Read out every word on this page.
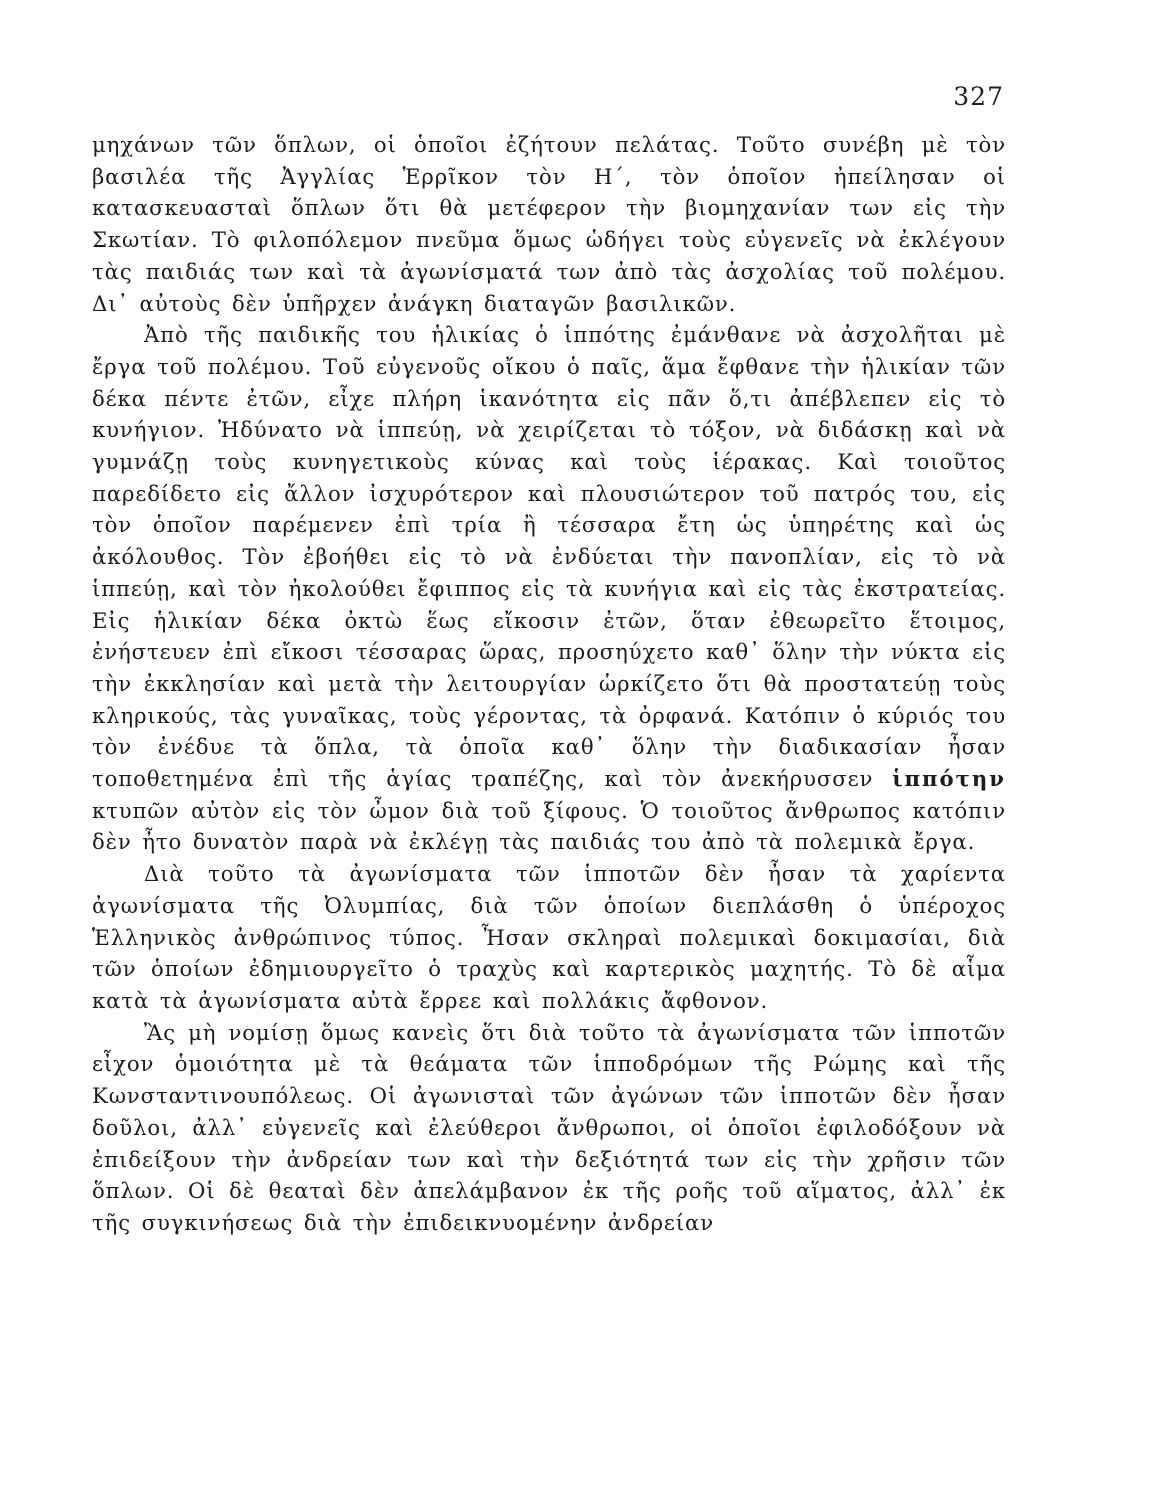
327

μηχάνων τῶν ὅπλων, οἱ ὁποῖοι ἐζήτουν πελάτας. Τοῦτο συνέβη μὲ τὸν βασιλέα τῆς Ἀγγλίας Ἑρρῖκον τὸν Η΄, τὸν ὁποῖον ἠπείλησαν οἱ κατασκευασταὶ ὅπλων ὅτι θὰ μετέφερον τὴν βιομηχανίαν των εἰς τὴν Σκωτίαν. Τὸ φιλοπόλεμον πνεῦμα ὅμως ὡδήγει τοὺς εὐγενεῖς νὰ ἐκλέγουν τὰς παιδιάς των καὶ τὰ ἀγωνίσματά των ἀπὸ τὰς ἀσχολίας τοῦ πολέμου. Δι᾽ αὐτοὺς δὲν ὑπῆρχεν ἀνάγκη διαταγῶν βασιλικῶν.

Ἀπὸ τῆς παιδικῆς του ἡλικίας ὁ ἱππότης ἐμάνθανε νὰ ἀσχολῆται μὲ ἔργα τοῦ πολέμου. Τοῦ εὐγενοῦς οἴκου ὁ παῖς, ἅμα ἔφθανε τὴν ἡλικίαν τῶν δέκα πέντε ἐτῶν, εἶχε πλήρη ἱκανότητα εἰς πᾶν ὅ,τι ἀπέβλεπεν εἰς τὸ κυνήγιον. Ἠδύνατο νὰ ἱππεύῃ, νὰ χειρίζεται τὸ τόξον, νὰ διδάσκῃ καὶ νὰ γυμνάζῃ τοὺς κυνηγετικοὺς κύνας καὶ τοὺς ἱέρακας. Καὶ τοιοῦτος παρεδίδετο εἰς ἄλλον ἰσχυρότερον καὶ πλουσιώτερον τοῦ πατρός του, εἰς τὸν ὁποῖον παρέμενεν ἐπὶ τρία ἢ τέσσαρα ἔτη ὡς ὑπηρέτης καὶ ὡς ἀκόλουθος. Τὸν ἐβοήθει εἰς τὸ νὰ ἐνδύεται τὴν πανοπλίαν, εἰς τὸ νὰ ἱππεύῃ, καὶ τὸν ἠκολούθει ἔφιππος εἰς τὰ κυνήγια καὶ εἰς τὰς ἐκστρατείας. Εἰς ἡλικίαν δέκα ὀκτὼ ἕως εἴκοσιν ἐτῶν, ὅταν ἐθεωρεῖτο ἕτοιμος, ἐνήστευεν ἐπὶ εἴκοσι τέσσαρας ὥρας, προσηύχετο καθ᾽ ὅλην τὴν νύκτα εἰς τὴν ἐκκλησίαν καὶ μετὰ τὴν λειτουργίαν ὡρκίζετο ὅτι θὰ προστατεύῃ τοὺς κληρικούς, τὰς γυναῖκας, τοὺς γέροντας, τὰ ὀρφανά. Κατόπιν ὁ κύριός του τὸν ἐνέδυε τὰ ὅπλα, τὰ ὁποῖα καθ᾽ ὅλην τὴν διαδικασίαν ἦσαν τοποθετημένα ἐπὶ τῆς ἁγίας τραπέζης, καὶ τὸν ἀνεκήρυσσεν ἱππότην κτυπῶν αὐτὸν εἰς τὸν ὦμον διὰ τοῦ ξίφους. Ὁ τοιοῦτος ἄνθρωπος κατόπιν δὲν ἦτο δυνατὸν παρὰ νὰ ἐκλέγῃ τὰς παιδιάς του ἀπὸ τὰ πολεμικὰ ἔργα.

Διὰ τοῦτο τὰ ἀγωνίσματα τῶν ἱπποτῶν δὲν ἦσαν τὰ χαρίεντα ἀγωνίσματα τῆς Ὀλυμπίας, διὰ τῶν ὁποίων διεπλάσθη ὁ ὑπέροχος Ἑλληνικὸς ἀνθρώπινος τύπος. Ἦσαν σκληραὶ πολεμικαὶ δοκιμασίαι, διὰ τῶν ὁποίων ἐδημιουργεῖτο ὁ τραχὺς καὶ καρτερικὸς μαχητής. Τὸ δὲ αἷμα κατὰ τὰ ἀγωνίσματα αὐτὰ ἔρρεε καὶ πολλάκις ἄφθονον.

Ἂς μὴ νομίσῃ ὅμως κανεὶς ὅτι διὰ τοῦτο τὰ ἀγωνίσματα τῶν ἱπποτῶν εἶχον ὁμοιότητα μὲ τὰ θεάματα τῶν ἱπποδρόμων τῆς Ρώμης καὶ τῆς Κωνσταντινουπόλεως. Οἱ ἀγωνισταὶ τῶν ἀγώνων τῶν ἱπποτῶν δὲν ἦσαν δοῦλοι, ἀλλ᾽ εὐγενεῖς καὶ ἐλεύθεροι ἄνθρωποι, οἱ ὁποῖοι ἐφιλοδόξουν νὰ ἐπιδείξουν τὴν ἀνδρείαν των καὶ τὴν δεξιότητά των εἰς τὴν χρῆσιν τῶν ὅπλων. Οἱ δὲ θεαταὶ δὲν ἀπελάμβανον ἐκ τῆς ροῆς τοῦ αἵματος, ἀλλ᾽ ἐκ τῆς συγκινήσεως διὰ τὴν ἐπιδεικνυομένην ἀνδρείαν
